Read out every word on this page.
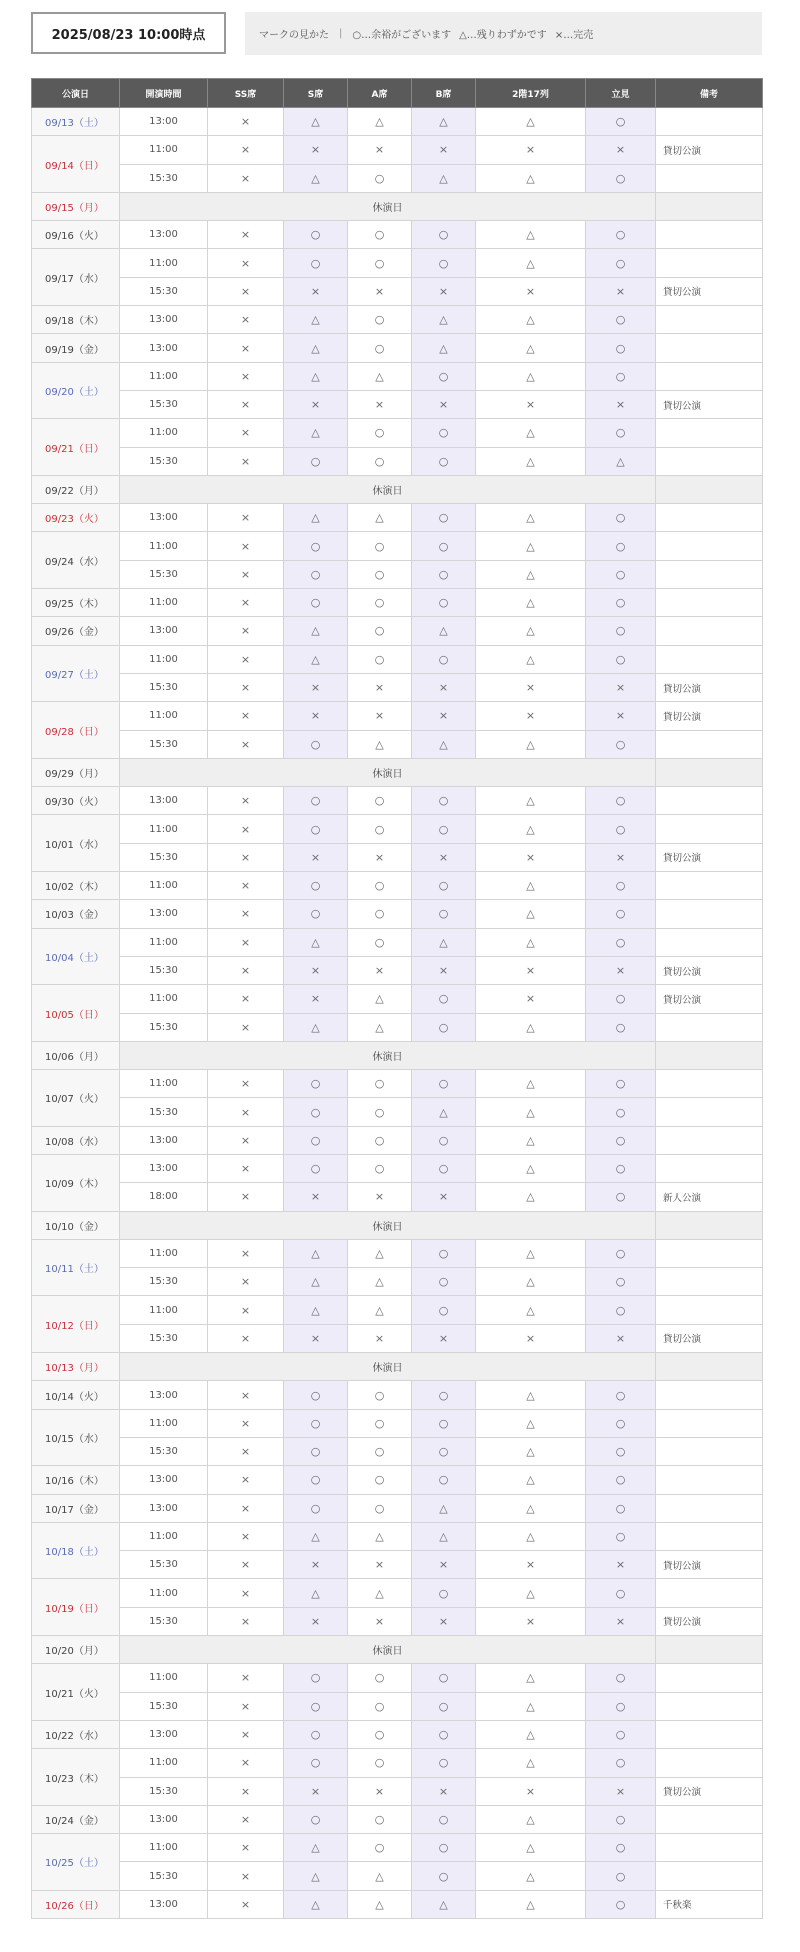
2025/08/23 10:00時点	マークの見かた | ○…余裕がございます △…残りわずかです ×…完売
公演日	開演時間	SS席	S席	A席	B席	2階17列	立見	備考
09/13（土）	13:00	×	△	△	△	△	○	
09/14（日）	11:00	×	×	×	×	×	×	貸切公演
	15:30	×	△	○	△	△	○	
09/15（月）	休演日							
09/16（火）	13:00	×	○	○	○	△	○	
09/17（水）	11:00	×	○	○	○	△	○	
	15:30	×	×	×	×	×	×	貸切公演
09/18（木）	13:00	×	△	○	△	△	○	
09/19（金）	13:00	×	△	○	△	△	○	
09/20（土）	11:00	×	△	△	○	△	○	
	15:30	×	×	×	×	×	×	貸切公演
09/21（日）	11:00	×	△	○	○	△	○	
	15:30	×	○	○	○	△	△	
09/22（月）	休演日							
09/23（火）	13:00	×	△	△	○	△	○	
09/24（水）	11:00	×	○	○	○	△	○	
	15:30	×	○	○	○	△	○	
09/25（木）	11:00	×	○	○	○	△	○	
09/26（金）	13:00	×	△	○	△	△	○	
09/27（土）	11:00	×	△	○	○	△	○	
	15:30	×	×	×	×	×	×	貸切公演
09/28（日）	11:00	×	×	×	×	×	×	貸切公演
	15:30	×	○	△	△	△	○	
09/29（月）	休演日							
09/30（火）	13:00	×	○	○	○	△	○	
10/01（水）	11:00	×	○	○	○	△	○	
	15:30	×	×	×	×	×	×	貸切公演
10/02（木）	11:00	×	○	○	○	△	○	
10/03（金）	13:00	×	○	○	○	△	○	
10/04（土）	11:00	×	△	○	△	△	○	
	15:30	×	×	×	×	×	×	貸切公演
10/05（日）	11:00	×	×	△	○	×	○	貸切公演
	15:30	×	△	△	○	△	○	
10/06（月）	休演日							
10/07（火）	11:00	×	○	○	○	△	○	
	15:30	×	○	○	△	△	○	
10/08（水）	13:00	×	○	○	○	△	○	
10/09（木）	13:00	×	○	○	○	△	○	
	18:00	×	×	×	×	△	○	新人公演
10/10（金）	休演日							
10/11（土）	11:00	×	△	△	○	△	○	
	15:30	×	△	△	○	△	○	
10/12（日）	11:00	×	△	△	○	△	○	
	15:30	×	×	×	×	×	×	貸切公演
10/13（月）	休演日							
10/14（火）	13:00	×	○	○	○	△	○	
10/15（水）	11:00	×	○	○	○	△	○	
	15:30	×	○	○	○	△	○	
10/16（木）	13:00	×	○	○	○	△	○	
10/17（金）	13:00	×	○	○	△	△	○	
10/18（土）	11:00	×	△	△	△	△	○	
	15:30	×	×	×	×	×	×	貸切公演
10/19（日）	11:00	×	△	△	○	△	○	
	15:30	×	×	×	×	×	×	貸切公演
10/20（月）	休演日							
10/21（火）	11:00	×	○	○	○	△	○	
	15:30	×	○	○	○	△	○	
10/22（水）	13:00	×	○	○	○	△	○	
10/23（木）	11:00	×	○	○	○	△	○	
	15:30	×	×	×	×	×	×	貸切公演
10/24（金）	13:00	×	○	○	○	△	○	
10/25（土）	11:00	×	△	○	○	△	○	
	15:30	×	△	△	○	△	○	
10/26（日）	13:00	×	△	△	△	△	○	千秋楽
